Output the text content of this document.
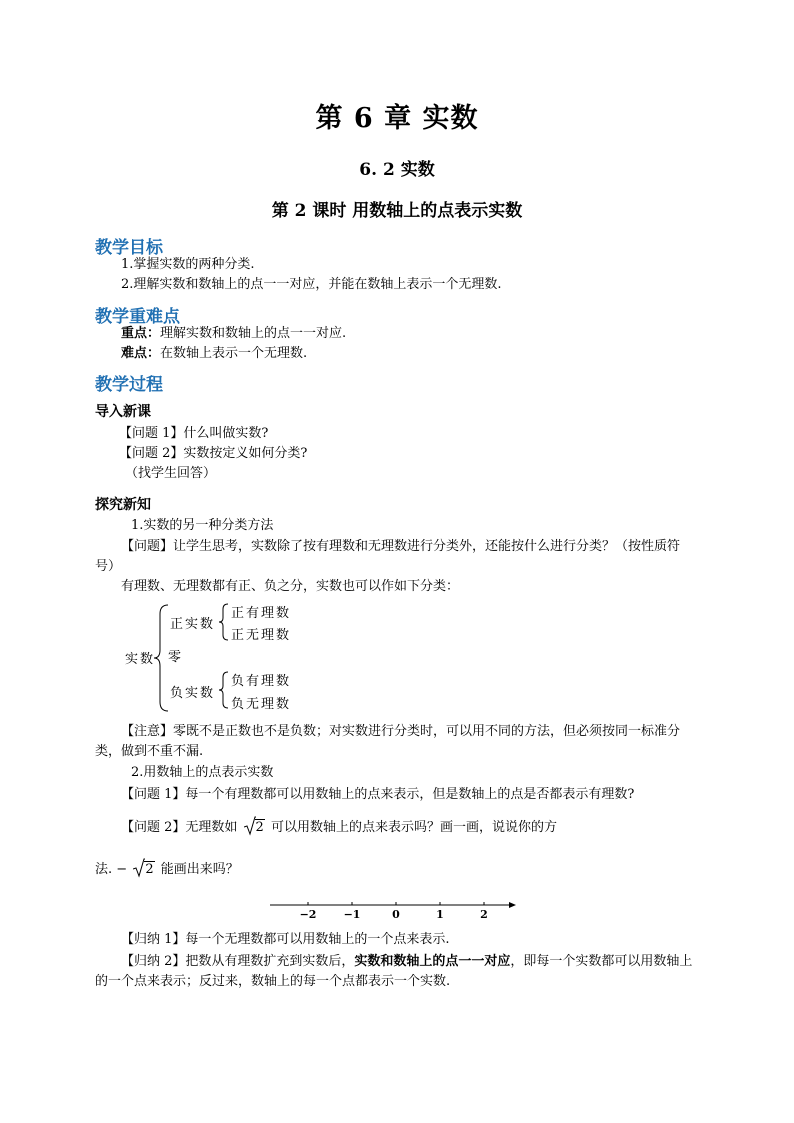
第 6 章 实数
6. 2 实数
第 2 课时 用数轴上的点表示实数
教学目标
1.掌握实数的两种分类.
2.理解实数和数轴上的点一一对应，并能在数轴上表示一个无理数.
教学重难点
重点：理解实数和数轴上的点一一对应.
难点：在数轴上表示一个无理数.
教学过程
导入新课
【问题 1】什么叫做实数?
【问题 2】实数按定义如何分类?
（找学生回答）
探究新知
1.实数的另一种分类方法
【问题】让学生思考，实数除了按有理数和无理数进行分类外，还能按什么进行分类？（按性质符号）
有理数、无理数都有正、负之分，实数也可以作如下分类：
实数
正实数
正有理数
正无理数
零
负实数
负有理数
负无理数
【注意】零既不是正数也不是负数；对实数进行分类时，可以用不同的方法，但必须按同一标准分类，做到不重不漏.
2.用数轴上的点表示实数
【问题 1】每一个有理数都可以用数轴上的点来表示，但是数轴上的点是否都表示有理数?
【问题 2】无理数如 2 可以用数轴上的点来表示吗？画一画，说说你的方
法. − 2 能画出来吗？
−2 −1	0	1	2
【归纳 1】每一个无理数都可以用数轴上的一个点来表示.
【归纳 2】把数从有理数扩充到实数后，实数和数轴上的点一一对应，即每一个实数都可以用数轴上的一个点来表示；反过来，数轴上的每一个点都表示一个实数.
